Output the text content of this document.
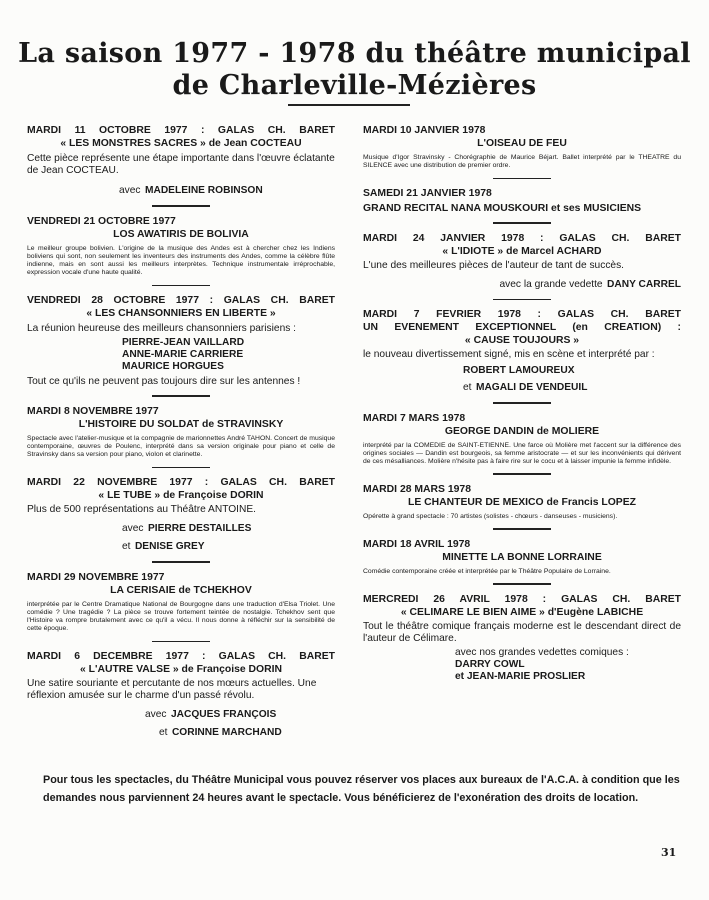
La saison 1977 - 1978 du théâtre municipal
de Charleville-Mézières
MARDI 11 OCTOBRE 1977 : GALAS CH. BARET
« LES MONSTRES SACRES » de Jean COCTEAU
Cette pièce représente une étape importante dans l'œuvre éclatante de Jean COCTEAU.
avec MADELEINE ROBINSON
VENDREDI 21 OCTOBRE 1977
LOS AWATIRIS DE BOLIVIA
Le meilleur groupe bolivien. L'origine de la musique des Andes est à chercher chez les Indiens boliviens qui sont, non seulement les inventeurs des instruments des Andes, comme la célèbre flûte indienne, mais en sont aussi les meilleurs interprètes. Technique instrumentale irréprochable, expression vocale d'une haute qualité.
VENDREDI 28 OCTOBRE 1977 : GALAS CH. BARET
« LES CHANSONNIERS EN LIBERTE »
La réunion heureuse des meilleurs chansonniers parisiens :
PIERRE-JEAN VAILLARD
ANNE-MARIE CARRIERE
MAURICE HORGUES
Tout ce qu'ils ne peuvent pas toujours dire sur les antennes !
MARDI 8 NOVEMBRE 1977
L'HISTOIRE DU SOLDAT de STRAVINSKY
Spectacle avec l'atelier-musique et la compagnie de marionnettes André TAHON. Concert de musique contemporaine, œuvres de Poulenc, interprété dans sa version originale pour piano et celle de Stravinsky dans sa version pour piano, violon et clarinette.
MARDI 22 NOVEMBRE 1977 : GALAS CH. BARET
« LE TUBE » de Françoise DORIN
Plus de 500 représentations au Théâtre ANTOINE.
avec PIERRE DESTAILLES
et DENISE GREY
MARDI 29 NOVEMBRE 1977
LA CERISAIE de TCHEKHOV
interprétée par le Centre Dramatique National de Bourgogne dans une traduction d'Elsa Triolet. Une comédie ? Une tragédie ? La pièce se trouve fortement teintée de nostalgie. Tchekhov sent que l'Histoire va rompre brutalement avec ce qu'il a vécu. Il nous donne à réfléchir sur la sensibilité de cette époque.
MARDI 6 DECEMBRE 1977 : GALAS CH. BARET
« L'AUTRE VALSE » de Françoise DORIN
Une satire souriante et percutante de nos mœurs actuelles. Une réflexion amusée sur le charme d'un passé révolu.
avec JACQUES FRANÇOIS
et CORINNE MARCHAND
MARDI 10 JANVIER 1978
L'OISEAU DE FEU
Musique d'Igor Stravinsky - Chorégraphie de Maurice Béjart. Ballet interprété par le THEATRE du SILENCE avec une distribution de premier ordre.
SAMEDI 21 JANVIER 1978
GRAND RECITAL NANA MOUSKOURI et ses MUSICIENS
MARDI 24 JANVIER 1978 : GALAS CH. BARET
« L'IDIOTE » de Marcel ACHARD
L'une des meilleures pièces de l'auteur de tant de succès.
avec la grande vedette DANY CARREL
MARDI 7 FEVRIER 1978 : GALAS CH. BARET
UN EVENEMENT EXCEPTIONNEL (en CREATION) :
« CAUSE TOUJOURS »
le nouveau divertissement signé, mis en scène et interprété par :
ROBERT LAMOUREUX
et MAGALI DE VENDEUIL
MARDI 7 MARS 1978
GEORGE DANDIN de MOLIERE
interprété par la COMEDIE de SAINT-ETIENNE. Une farce où Molière met l'accent sur la différence des origines sociales — Dandin est bourgeois, sa femme aristocrate — et sur les inconvénients qui dérivent de ces mésalliances. Molière n'hésite pas à faire rire sur le cocu et à laisser impunie la femme infidèle.
MARDI 28 MARS 1978
LE CHANTEUR DE MEXICO de Francis LOPEZ
Opérette à grand spectacle : 70 artistes (solistes - chœurs - danseuses - musiciens).
MARDI 18 AVRIL 1978
MINETTE LA BONNE LORRAINE
Comédie contemporaine créée et interprétée par le Théâtre Populaire de Lorraine.
MERCREDI 26 AVRIL 1978 : GALAS CH. BARET
« CELIMARE LE BIEN AIME » d'Eugène LABICHE
Tout le théâtre comique français moderne est le descendant direct de l'auteur de Célimare.
avec nos grandes vedettes comiques :
DARRY COWL
et JEAN-MARIE PROSLIER
Pour tous les spectacles, du Théâtre Municipal vous pouvez réserver vos places aux bureaux de l'A.C.A. à condition que les demandes nous parviennent 24 heures avant le spectacle. Vous bénéficierez de l'exonération des droits de location.
31
